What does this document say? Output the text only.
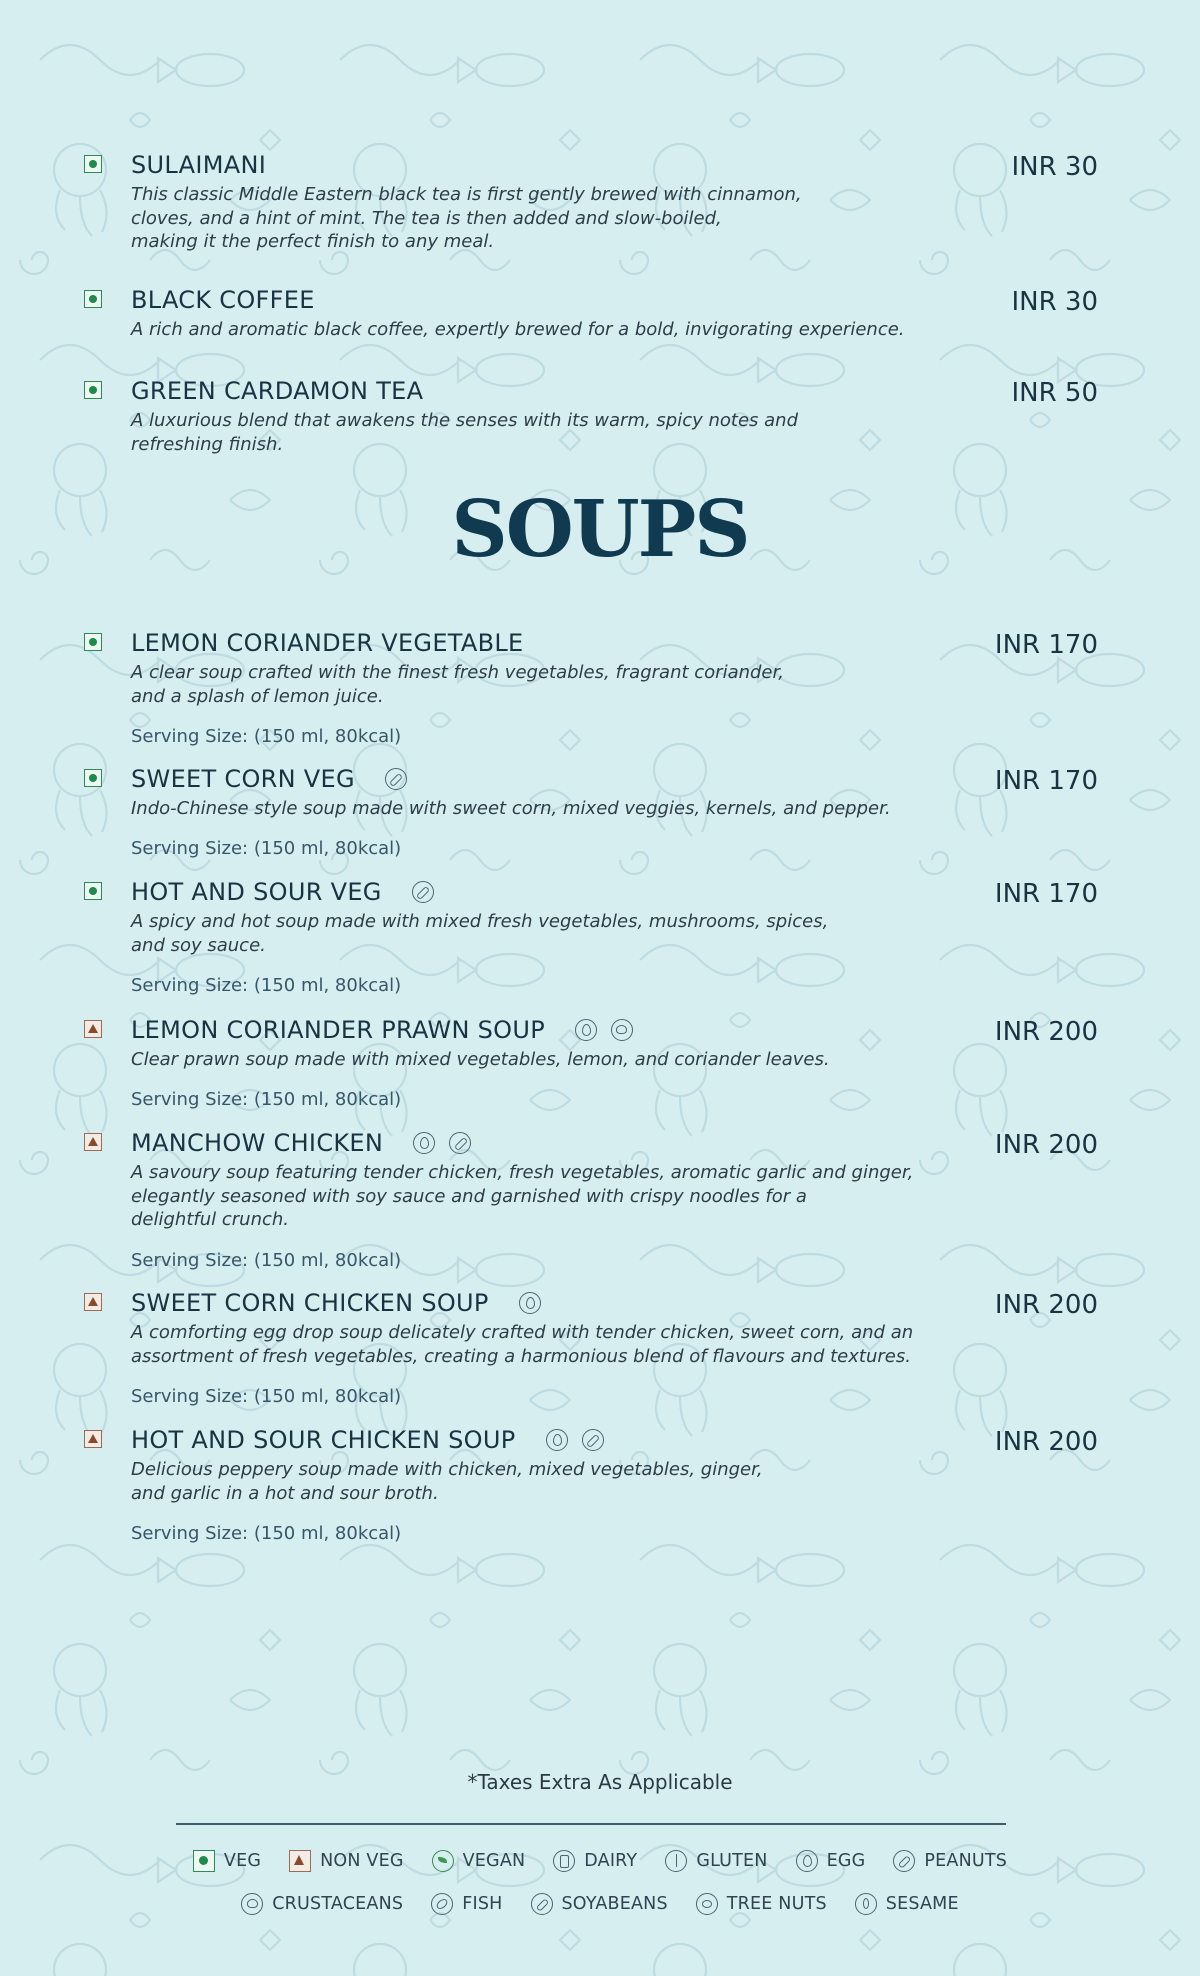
SOUPS
*Taxes Extra As Applicable
VEG	NON VEG	VEGAN	DAIRY	GLUTEN	EGG	PEANUTS
CRUSTACEANS	FISH	SOYABEANS	TREE NUTS	SESAME
SULAIMANI	INR 30
This classic Middle Eastern black tea is first gently brewed with cinnamon,
cloves, and a hint of mint. The tea is then added and slow-boiled,
making it the perfect finish to any meal.
BLACK COFFEE	INR 30
A rich and aromatic black coffee, expertly brewed for a bold, invigorating experience.
GREEN CARDAMON TEA	INR 50
A luxurious blend that awakens the senses with its warm, spicy notes and
refreshing finish.
LEMON CORIANDER VEGETABLE	INR 170
A clear soup crafted with the finest fresh vegetables, fragrant coriander,
and a splash of lemon juice.
Serving Size: (150 ml, 80kcal)
SWEET CORN VEG	INR 170
Indo-Chinese style soup made with sweet corn, mixed veggies, kernels, and pepper.
Serving Size: (150 ml, 80kcal)
HOT AND SOUR VEG	INR 170
A spicy and hot soup made with mixed fresh vegetables, mushrooms, spices,
and soy sauce.
Serving Size: (150 ml, 80kcal)
LEMON CORIANDER PRAWN SOUP	INR 200
Clear prawn soup made with mixed vegetables, lemon, and coriander leaves.
Serving Size: (150 ml, 80kcal)
MANCHOW CHICKEN	INR 200
A savoury soup featuring tender chicken, fresh vegetables, aromatic garlic and ginger,
elegantly seasoned with soy sauce and garnished with crispy noodles for a
delightful crunch.
Serving Size: (150 ml, 80kcal)
SWEET CORN CHICKEN SOUP	INR 200
A comforting egg drop soup delicately crafted with tender chicken, sweet corn, and an
assortment of fresh vegetables, creating a harmonious blend of flavours and textures.
Serving Size: (150 ml, 80kcal)
HOT AND SOUR CHICKEN SOUP	INR 200
Delicious peppery soup made with chicken, mixed vegetables, ginger,
and garlic in a hot and sour broth.
Serving Size: (150 ml, 80kcal)
